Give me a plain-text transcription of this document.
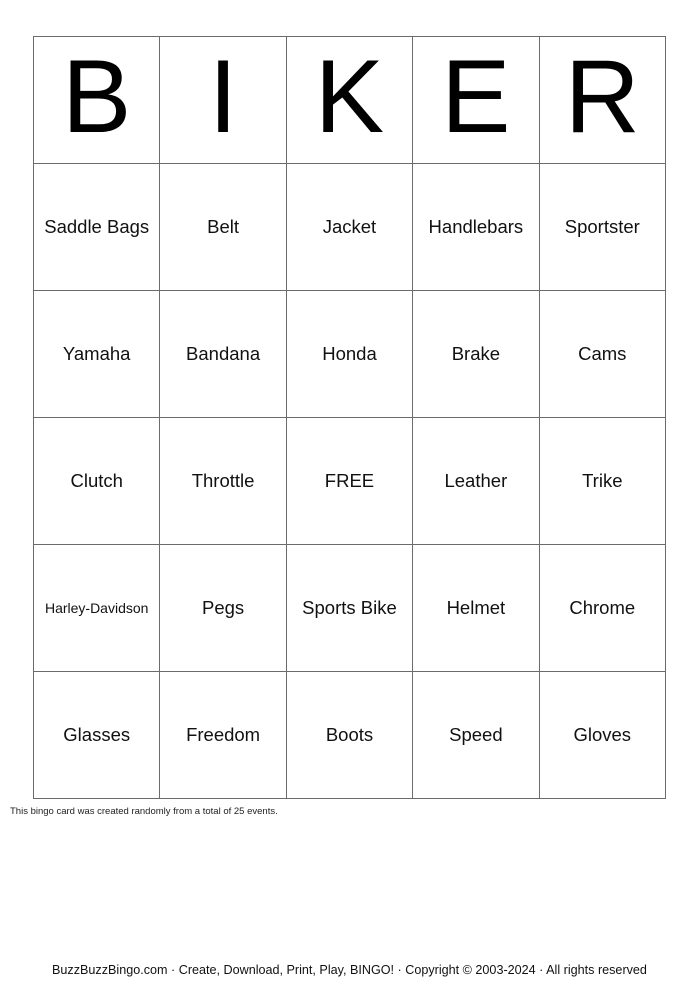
B	I	K	E	R
Saddle Bags	Belt	Jacket	Handlebars	Sportster
Yamaha	Bandana	Honda	Brake	Cams
Clutch	Throttle	FREE	Leather	Trike
Harley-Davidson	Pegs	Sports Bike	Helmet	Chrome
Glasses	Freedom	Boots	Speed	Gloves
This bingo card was created randomly from a total of 25 events.
BuzzBuzzBingo.com · Create, Download, Print, Play, BINGO! · Copyright © 2003-2024 · All rights reserved
